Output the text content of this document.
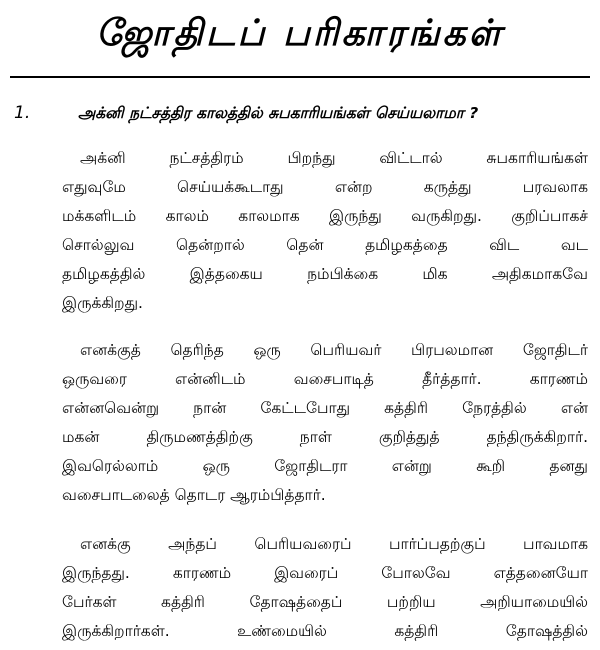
ஜோதிடப் பரிகாரங்கள்
1.	அக்னி நட்சத்திர காலத்தில் சுபகாரியங்கள் செய்யலாமா ?
அக்னி நட்சத்திரம் பிறந்து விட்டால் சுபகாரியங்கள்
எதுவுமே செய்யக்கூடாது என்ற கருத்து பரவலாக
மக்களிடம் காலம் காலமாக இருந்து வருகிறது. குறிப்பாகச்
சொல்லுவ தென்றால் தென் தமிழகத்தை விட வட
தமிழகத்தில் இத்தகைய நம்பிக்கை மிக அதிகமாகவே
இருக்கிறது.
எனக்குத் தெரிந்த ஒரு பெரியவர் பிரபலமான ஜோதிடர்
ஒருவரை என்னிடம் வசைபாடித் தீர்த்தார். காரணம்
என்னவென்று நான் கேட்டபோது கத்திரி நேரத்தில் என்
மகன் திருமணத்திற்கு நாள் குறித்துத் தந்திருக்கிறார்.
இவரெல்லாம் ஒரு ஜோதிடரா என்று கூறி தனது
வசைபாடலைத் தொடர ஆரம்பித்தார்.
எனக்கு அந்தப் பெரியவரைப் பார்ப்பதற்குப் பாவமாக
இருந்தது. காரணம் இவரைப் போலவே எத்தனையோ
பேர்கள் கத்திரி தோஷத்தைப் பற்றிய அறியாமையில்
இருக்கிறார்கள். உண்மையில் கத்திரி தோஷத்தில்
